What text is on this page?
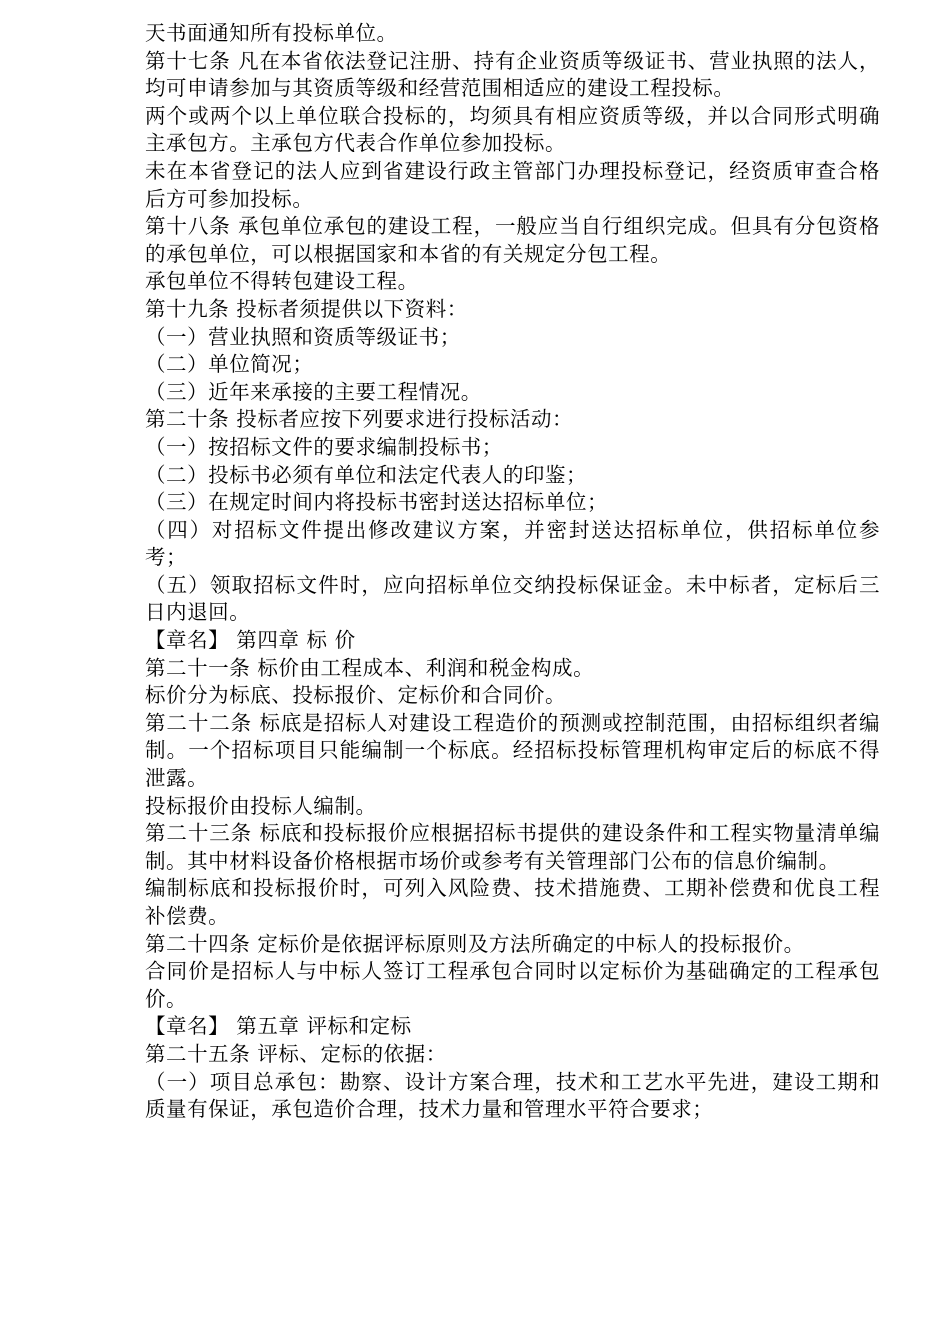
天书面通知所有投标单位。

第十七条 凡在本省依法登记注册、持有企业资质等级证书、营业执照的法人，均可申请参加与其资质等级和经营范围相适应的建设工程投标。

两个或两个以上单位联合投标的，均须具有相应资质等级，并以合同形式明确主承包方。主承包方代表合作单位参加投标。

未在本省登记的法人应到省建设行政主管部门办理投标登记，经资质审查合格后方可参加投标。

第十八条 承包单位承包的建设工程，一般应当自行组织完成。但具有分包资格的承包单位，可以根据国家和本省的有关规定分包工程。

承包单位不得转包建设工程。

第十九条 投标者须提供以下资料：

（一）营业执照和资质等级证书；

（二）单位简况；

（三）近年来承接的主要工程情况。

第二十条 投标者应按下列要求进行投标活动：

（一）按招标文件的要求编制投标书；

（二）投标书必须有单位和法定代表人的印鉴；

（三）在规定时间内将投标书密封送达招标单位；

（四）对招标文件提出修改建议方案，并密封送达招标单位，供招标单位参考；

（五）领取招标文件时，应向招标单位交纳投标保证金。未中标者，定标后三日内退回。

【章名】 第四章 标 价

第二十一条 标价由工程成本、利润和税金构成。

标价分为标底、投标报价、定标价和合同价。

第二十二条 标底是招标人对建设工程造价的预测或控制范围，由招标组织者编制。一个招标项目只能编制一个标底。经招标投标管理机构审定后的标底不得泄露。

投标报价由投标人编制。

第二十三条 标底和投标报价应根据招标书提供的建设条件和工程实物量清单编制。其中材料设备价格根据市场价或参考有关管理部门公布的信息价编制。

编制标底和投标报价时，可列入风险费、技术措施费、工期补偿费和优良工程补偿费。

第二十四条 定标价是依据评标原则及方法所确定的中标人的投标报价。

合同价是招标人与中标人签订工程承包合同时以定标价为基础确定的工程承包价。

【章名】 第五章 评标和定标

第二十五条 评标、定标的依据：

（一）项目总承包：勘察、设计方案合理，技术和工艺水平先进，建设工期和质量有保证，承包造价合理，技术力量和管理水平符合要求；
